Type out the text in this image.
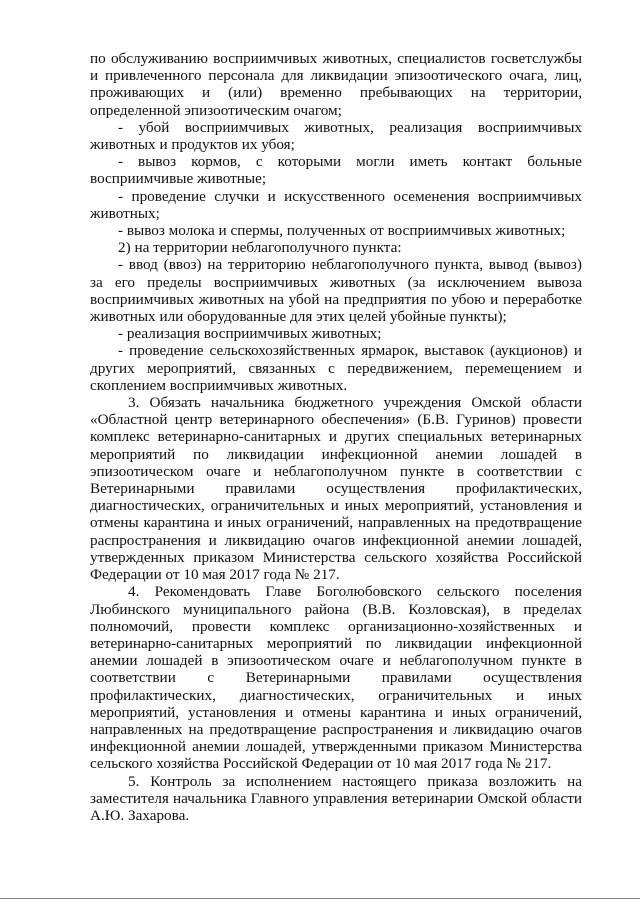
по обслуживанию восприимчивых животных, специалистов госветслужбы и привлеченного персонала для ликвидации эпизоотического очага, лиц, проживающих и (или) временно пребывающих на территории, определенной эпизоотическим очагом;

- убой восприимчивых животных, реализация восприимчивых животных и продуктов их убоя;

- вывоз кормов, с которыми могли иметь контакт больные восприимчивые животные;

- проведение случки и искусственного осеменения восприимчивых животных;

- вывоз молока и спермы, полученных от восприимчивых животных;

2) на территории неблагополучного пункта:

- ввод (ввоз) на территорию неблагополучного пункта, вывод (вывоз) за его пределы восприимчивых животных (за исключением вывоза восприимчивых животных на убой на предприятия по убою и переработке животных или оборудованные для этих целей убойные пункты);

- реализация восприимчивых животных;

- проведение сельскохозяйственных ярмарок, выставок (аукционов) и других мероприятий, связанных с передвижением, перемещением и скоплением восприимчивых животных.

3. Обязать начальника бюджетного учреждения Омской области «Областной центр ветеринарного обеспечения» (Б.В. Гуринов) провести комплекс ветеринарно-санитарных и других специальных ветеринарных мероприятий по ликвидации инфекционной анемии лошадей в эпизоотическом очаге и неблагополучном пункте в соответствии с Ветеринарными правилами осуществления профилактических, диагностических, ограничительных и иных мероприятий, установления и отмены карантина и иных ограничений, направленных на предотвращение распространения и ликвидацию очагов инфекционной анемии лошадей, утвержденных приказом Министерства сельского хозяйства Российской Федерации от 10 мая 2017 года № 217.

4. Рекомендовать Главе Боголюбовского сельского поселения Любинского муниципального района (В.В. Козловская), в пределах полномочий, провести комплекс организационно-хозяйственных и ветеринарно-санитарных мероприятий по ликвидации инфекционной анемии лошадей в эпизоотическом очаге и неблагополучном пункте в соответствии с Ветеринарными правилами осуществления профилактических, диагностических, ограничительных и иных мероприятий, установления и отмены карантина и иных ограничений, направленных на предотвращение распространения и ликвидацию очагов инфекционной анемии лошадей, утвержденными приказом Министерства сельского хозяйства Российской Федерации от 10 мая 2017 года № 217.

5. Контроль за исполнением настоящего приказа возложить на заместителя начальника Главного управления ветеринарии Омской области А.Ю. Захарова.
